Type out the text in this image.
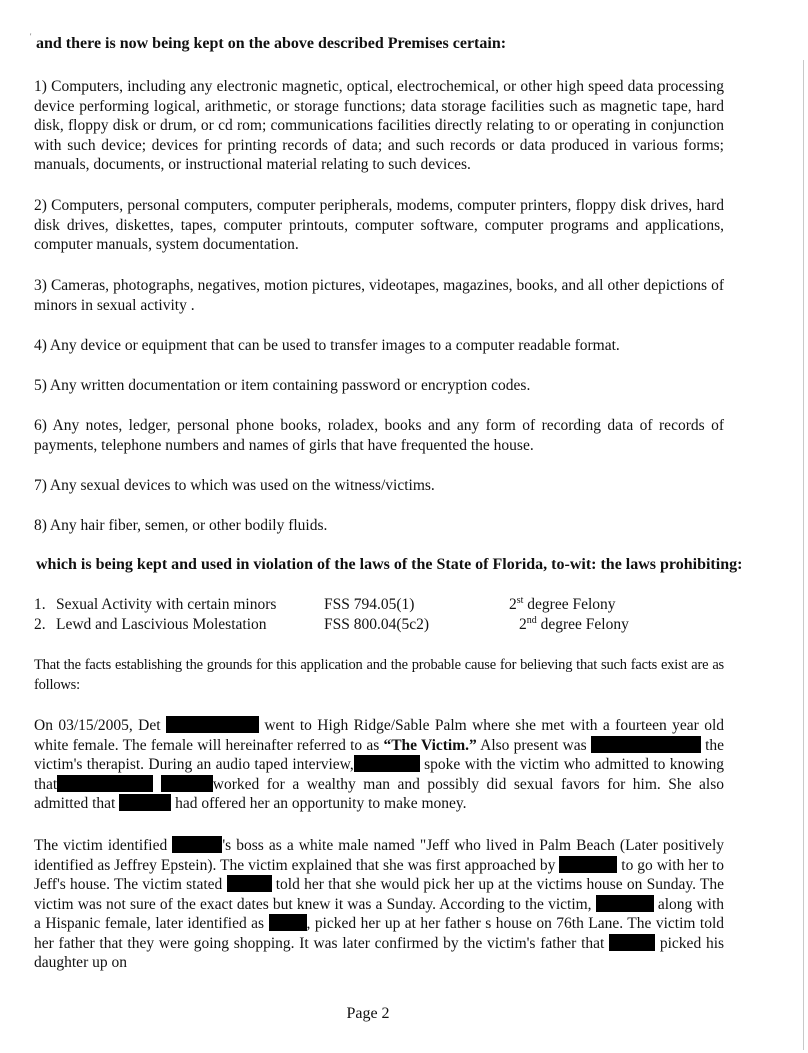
' and there is now being kept on the above described Premises certain:

1) Computers, including any electronic magnetic, optical, electrochemical, or other high speed data processing device performing logical, arithmetic, or storage functions; data storage facilities such as magnetic tape, hard disk, floppy disk or drum, or cd rom; communications facilities directly relating to or operating in conjunction with such device; devices for printing records of data; and such records or data produced in various forms; manuals, documents, or instructional material relating to such devices.

2) Computers, personal computers, computer peripherals, modems, computer printers, floppy disk drives, hard disk drives, diskettes, tapes, computer printouts, computer software, computer programs and applications, computer manuals, system documentation.

3) Cameras, photographs, negatives, motion pictures, videotapes, magazines, books, and all other depictions of minors in sexual activity .

4) Any device or equipment that can be used to transfer images to a computer readable format.

5) Any written documentation or item containing password or encryption codes.

6) Any notes, ledger, personal phone books, roladex, books and any form of recording data of records of payments, telephone numbers and names of girls that have frequented the house.

7) Any sexual devices to which was used on the witness/victims.

8) Any hair fiber, semen, or other bodily fluids.

which is being kept and used in violation of the laws of the State of Florida, to-wit: the laws prohibiting:
1. Sexual Activity with certain minors	FSS 794.05(1)	2st degree Felony
2. Lewd and Lascivious Molestation	FSS 800.04(5c2)	2nd degree Felony

That the facts establishing the grounds for this application and the probable cause for believing that such facts exist are as follows:

On 03/15/2005, Det	went to High Ridge/Sable Palm where she met with a fourteen year old white female. The female will hereinafter referred to as “The Victim.” Also present was	the victim's therapist. During an audio taped interview,	spoke with the victim who admitted to knowing that	worked for a wealthy man and possibly did sexual favors for him. She also admitted that	had offered her an opportunity to make money.

The victim identified	's boss as a white male named "Jeff who lived in Palm Beach (Later positively identified as Jeffrey Epstein). The victim explained that she was first approached by	to go with her to Jeff's house. The victim stated	told her that she would pick her up at the victims house on Sunday. The victim was not sure of the exact dates but knew it was a Sunday. According to the victim,	along with a Hispanic female, later identified as	, picked her up at her father s house on 76th Lane. The victim told her father that they were going shopping. It was later confirmed by the victim's father that	picked his daughter up on

Page 2
